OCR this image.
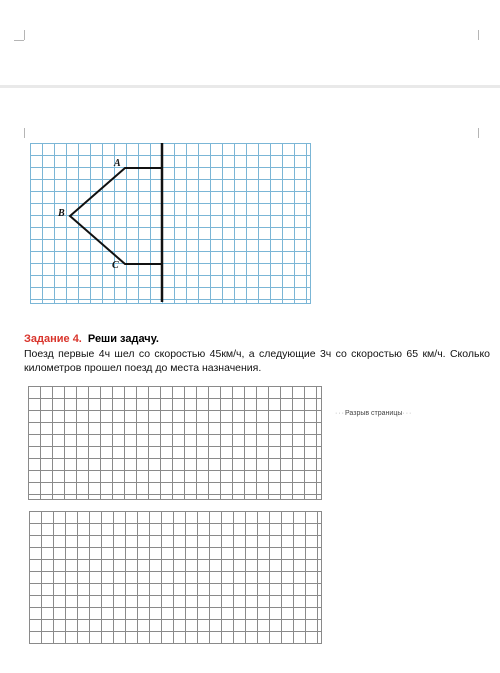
A
B
C
Задание 4. Реши задачу.
Поезд первые 4ч шел со скоростью 45км/ч, а следующие 3ч со скоростью 65 км/ч. Сколько километров прошел поезд до места назначения.
···Разрыв страницы···
